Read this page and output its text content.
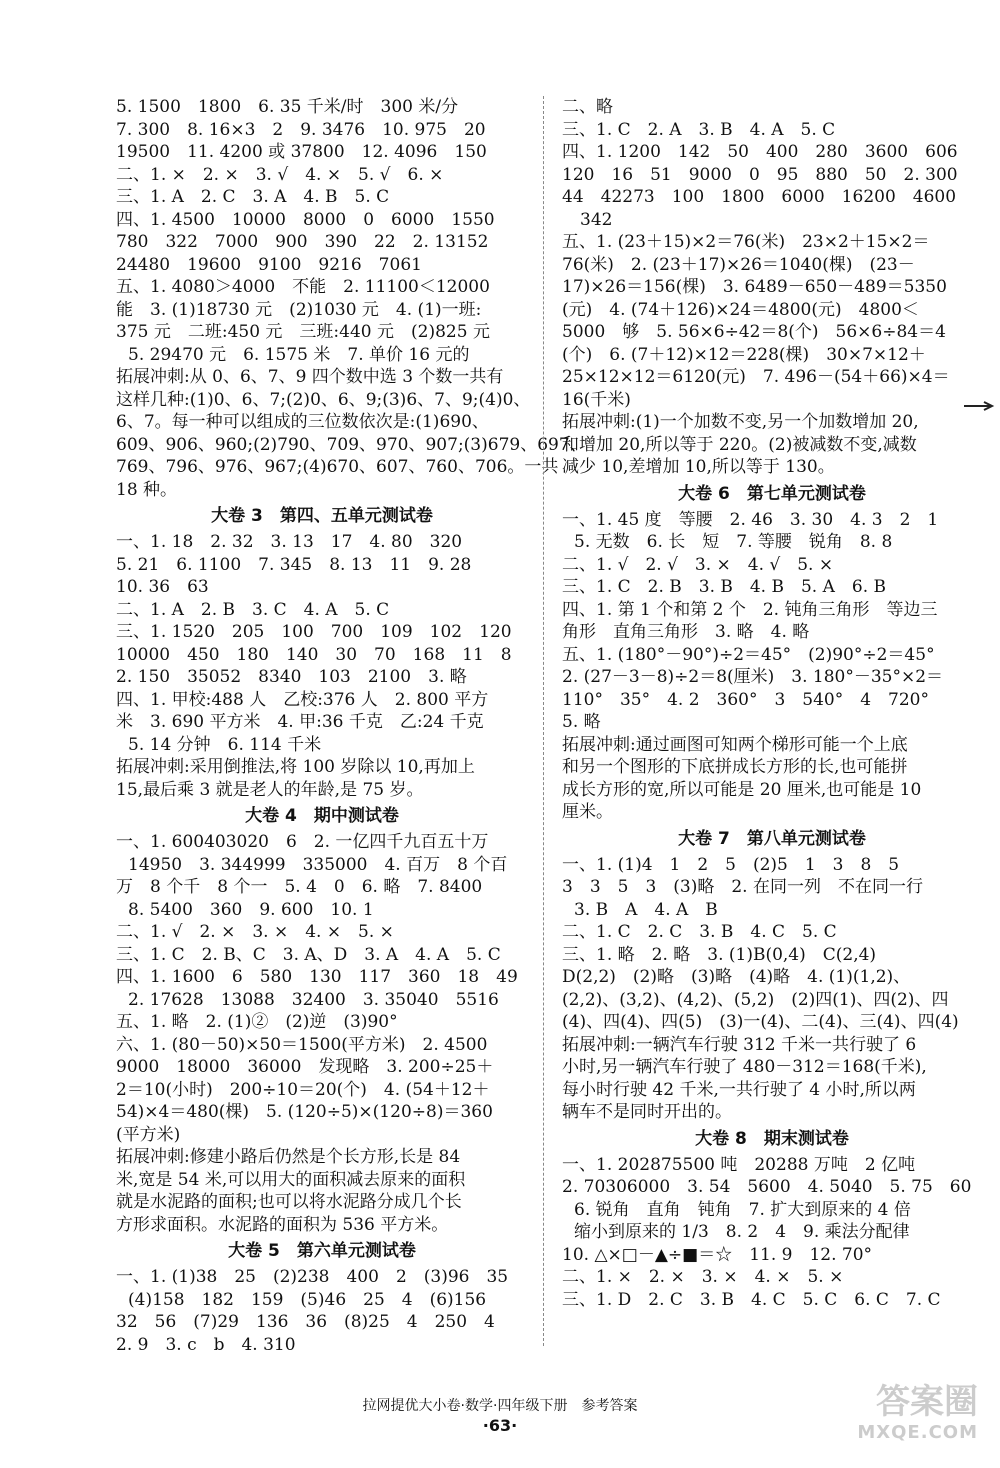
5. 1500　1800　6. 35 千米/时　300 米/分
7. 300　8. 16×3　2　9. 3476　10. 975　20
19500　11. 4200 或 37800　12. 4096　150
二、1. ×　2. ×　3. √　4. ×　5. √　6. ×
三、1. A　2. C　3. A　4. B　5. C
四、1. 4500　10000　8000　0　6000　1550
780　322　7000　900　390　22　2. 13152
24480　19600　9100　9216　7061
五、1. 4080＞4000　不能　2. 11100＜12000
能　3. (1)18730 元　(2)1030 元　4. (1)一班:
375 元　二班:450 元　三班:440 元　(2)825 元
5. 29470 元　6. 1575 米　7. 单价 16 元的
拓展冲刺:从 0、6、7、9 四个数中选 3 个数一共有
这样几种:(1)0、6、7;(2)0、6、9;(3)6、7、9;(4)0、
6、7。每一种可以组成的三位数依次是:(1)690、
609、906、960;(2)790、709、970、907;(3)679、697、
769、796、976、967;(4)670、607、760、706。一共
18 种。
大卷 3　第四、五单元测试卷
一、1. 18　2. 32　3. 13　17　4. 80　320
5. 21　6. 1100　7. 345　8. 13　11　9. 28
10. 36　63
二、1. A　2. B　3. C　4. A　5. C
三、1. 1520　205　100　700　109　102　120
10000　450　180　140　30　70　168　11　8
2. 150　35052　8340　103　2100　3. 略
四、1. 甲校:488 人　乙校:376 人　2. 800 平方
米　3. 690 平方米　4. 甲:36 千克　乙:24 千克
5. 14 分钟　6. 114 千米
拓展冲刺:采用倒推法,将 100 岁除以 10,再加上
15,最后乘 3 就是老人的年龄,是 75 岁。
大卷 4　期中测试卷
一、1. 600403020　6　2. 一亿四千九百五十万
14950　3. 344999　335000　4. 百万　8 个百
万　8 个千　8 个一　5. 4　0　6. 略　7. 8400
8. 5400　360　9. 600　10. 1
二、1. √　2. ×　3. ×　4. ×　5. ×
三、1. C　2. B、C　3. A、D　3. A　4. A　5. C
四、1. 1600　6　580　130　117　360　18　49
2. 17628　13088　32400　3. 35040　5516
五、1. 略　2. (1)②　(2)逆　(3)90°
六、1. (80－50)×50＝1500(平方米)　2. 4500
9000　18000　36000　发现略　3. 200÷25＋
2＝10(小时)　200÷10＝20(个)　4. (54＋12＋
54)×4＝480(棵)　5. (120÷5)×(120÷8)＝360
(平方米)
拓展冲刺:修建小路后仍然是个长方形,长是 84
米,宽是 54 米,可以用大的面积减去原来的面积
就是水泥路的面积;也可以将水泥路分成几个长
方形求面积。水泥路的面积为 536 平方米。
大卷 5　第六单元测试卷
一、1. (1)38　25　(2)238　400　2　(3)96　35
(4)158　182　159　(5)46　25　4　(6)156
32　56　(7)29　136　36　(8)25　4　250　4
2. 9　3. c　b　4. 310
二、略
三、1. C　2. A　3. B　4. A　5. C
四、1. 1200　142　50　400　280　3600　606
120　16　51　9000　0　95　880　50　2. 300
44　42273　100　1800　6000　16200　4600
342
五、1. (23＋15)×2＝76(米)　23×2＋15×2＝
76(米)　2. (23＋17)×26＝1040(棵)　(23－
17)×26＝156(棵)　3. 6489－650－489＝5350
(元)　4. (74＋126)×24＝4800(元)　4800＜
5000　够　5. 56×6÷42＝8(个)　56×6÷84＝4
(个)　6. (7＋12)×12＝228(棵)　30×7×12＋
25×12×12＝6120(元)　7. 496－(54＋66)×4＝
16(千米)
拓展冲刺:(1)一个加数不变,另一个加数增加 20,
和增加 20,所以等于 220。(2)被减数不变,减数
减少 10,差增加 10,所以等于 130。
大卷 6　第七单元测试卷
一、1. 45 度　等腰　2. 46　3. 30　4. 3　2　1
5. 无数　6. 长　短　7. 等腰　锐角　8. 8
二、1. √　2. √　3. ×　4. √　5. ×
三、1. C　2. B　3. B　4. B　5. A　6. B
四、1. 第 1 个和第 2 个　2. 钝角三角形　等边三
角形　直角三角形　3. 略　4. 略
五、1. (180°－90°)÷2＝45°　(2)90°÷2＝45°
2. (27－3－8)÷2＝8(厘米)　3. 180°－35°×2＝
110°　35°　4. 2　360°　3　540°　4　720°
5. 略
拓展冲刺:通过画图可知两个梯形可能一个上底
和另一个图形的下底拼成长方形的长,也可能拼
成长方形的宽,所以可能是 20 厘米,也可能是 10
厘米。
大卷 7　第八单元测试卷
一、1. (1)4　1　2　5　(2)5　1　3　8　5
3　3　5　3　(3)略　2. 在同一列　不在同一行
3. B　A　4. A　B
二、1. C　2. C　3. B　4. C　5. C
三、1. 略　2. 略　3. (1)B(0,4)　C(2,4)
D(2,2)　(2)略　(3)略　(4)略　4. (1)(1,2)、
(2,2)、(3,2)、(4,2)、(5,2)　(2)四(1)、四(2)、四
(4)、四(4)、四(5)　(3)一(4)、二(4)、三(4)、四(4)
拓展冲刺:一辆汽车行驶 312 千米一共行驶了 6
小时,另一辆汽车行驶了 480－312＝168(千米),
每小时行驶 42 千米,一共行驶了 4 小时,所以两
辆车不是同时开出的。
大卷 8　期末测试卷
一、1. 202875500 吨　20288 万吨　2 亿吨
2. 70306000　3. 54　5600　4. 5040　5. 75　60
6. 锐角　直角　钝角　7. 扩大到原来的 4 倍
缩小到原来的 1/3　8. 2　4　9. 乘法分配律
10. △×□－▲÷■＝☆　11. 9　12. 70°
二、1. ×　2. ×　3. ×　4. ×　5. ×
三、1. D　2. C　3. B　4. C　5. C　6. C　7. C
拉网提优大小卷·数学·四年级下册　参考答案
·63·
答案圈
MXQE.COM
